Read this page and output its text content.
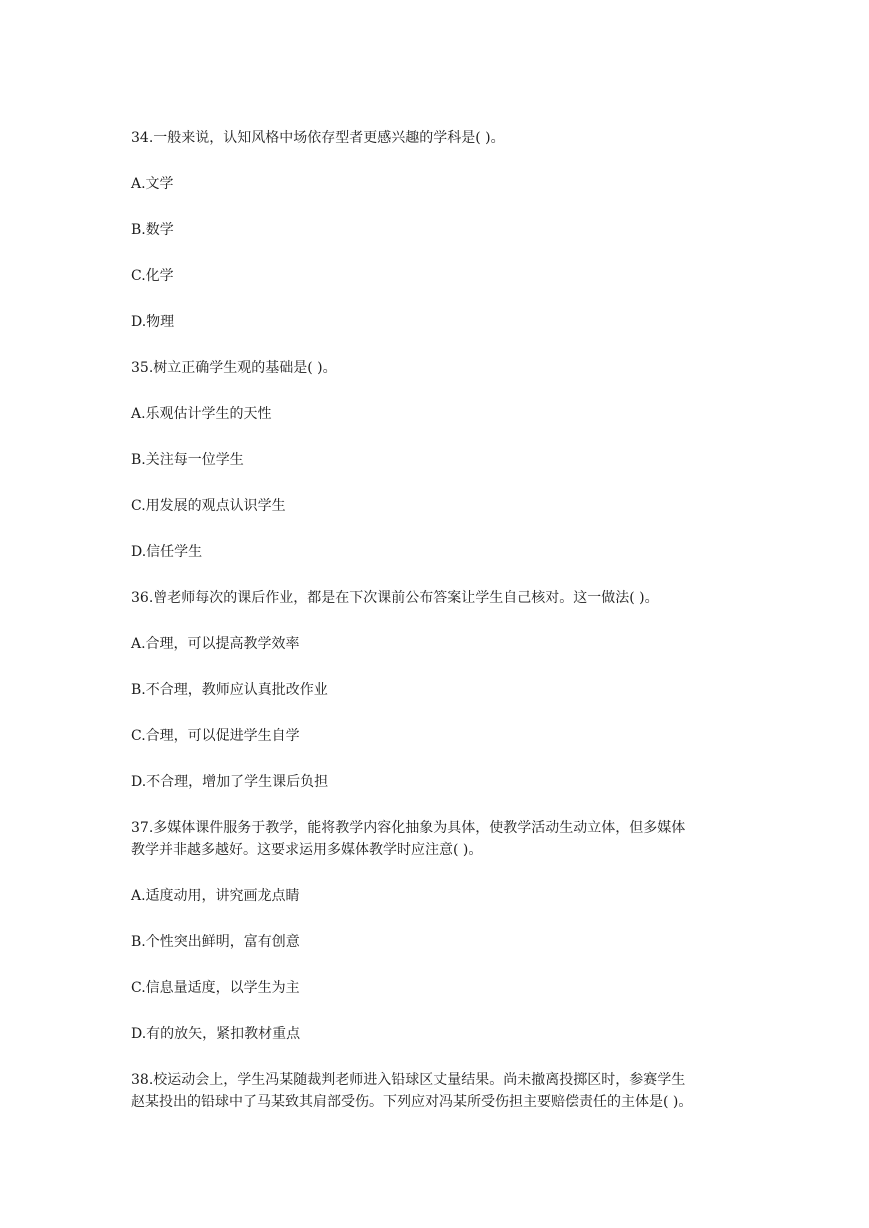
34.一般来说，认知风格中场依存型者更感兴趣的学科是( )。

A.文学

B.数学

C.化学

D.物理

35.树立正确学生观的基础是( )。

A.乐观估计学生的天性

B.关注每一位学生

C.用发展的观点认识学生

D.信任学生

36.曾老师每次的课后作业，都是在下次课前公布答案让学生自己核对。这一做法( )。

A.合理，可以提高教学效率

B.不合理，教师应认真批改作业

C.合理，可以促进学生自学

D.不合理，增加了学生课后负担

37.多媒体课件服务于教学，能将教学内容化抽象为具体，使教学活动生动立体，但多媒体

教学并非越多越好。这要求运用多媒体教学时应注意( )。

A.适度动用，讲究画龙点睛

B.个性突出鲜明，富有创意

C.信息量适度，以学生为主

D.有的放矢，紧扣教材重点

38.校运动会上，学生冯某随裁判老师进入铅球区丈量结果。尚未撤离投掷区时，参赛学生

赵某投出的铅球中了马某致其肩部受伤。下列应对冯某所受伤担主要赔偿责任的主体是( )。
